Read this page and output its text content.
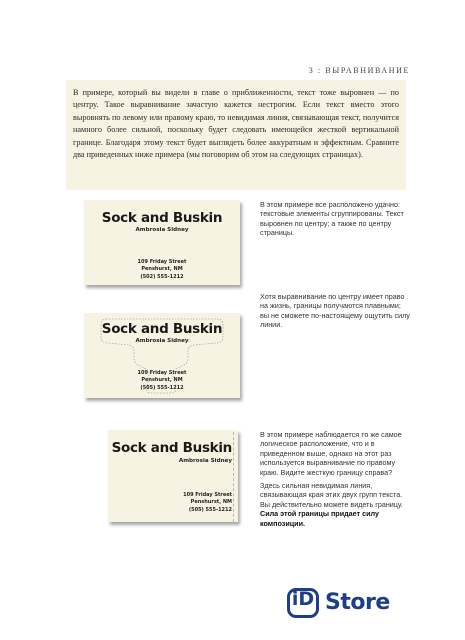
3 : ВЫРАВНИВАНИЕ

В примере, который вы видели в главе о приближенности, текст тоже выровнен — по центру. Такое выравнивание зачастую кажется нестрогим. Если текст вместо этого выровнять по левому или правому краю, то невидимая линия, связывающая текст, получится намного более сильной, поскольку будет следовать имеющейся жесткой вертикальной границе. Благодаря этому текст будет выглядеть более аккуратным и эффектным. Сравните два приведенных ниже примера (мы поговорим об этом на следующих страницах).

Sock and Buskin
Ambrosia Sidney
109 Friday Street
Penshurst, NM
(502) 555-1212

В этом примере все расположено удачно: текстовые элементы сгруппированы. Текст выровнен по центру; а также по центру страницы.

Sock and Buskin
Ambrosia Sidney
109 Friday Street
Penshurst, NM
(505) 555-1212

Хотя выравнивание по центру имеет право на жизнь, границы получаются плавными; вы не сможете по-настоящему ощутить силу линии.

Sock and Buskin
Ambrosia Sidney
109 Friday Street
Penshurst, NM
(505) 555-1212

В этом примере наблюдается то же самое логическое расположение, что и в приведенном выше, однако на этот раз используется выравнивание по правому краю. Видите жесткую границу справа?

Здесь сильная невидимая линия, связывающая края этих двух групп текста. Вы действительно можете видеть границу. Сила этой границы придает силу композиции.

iD Store
